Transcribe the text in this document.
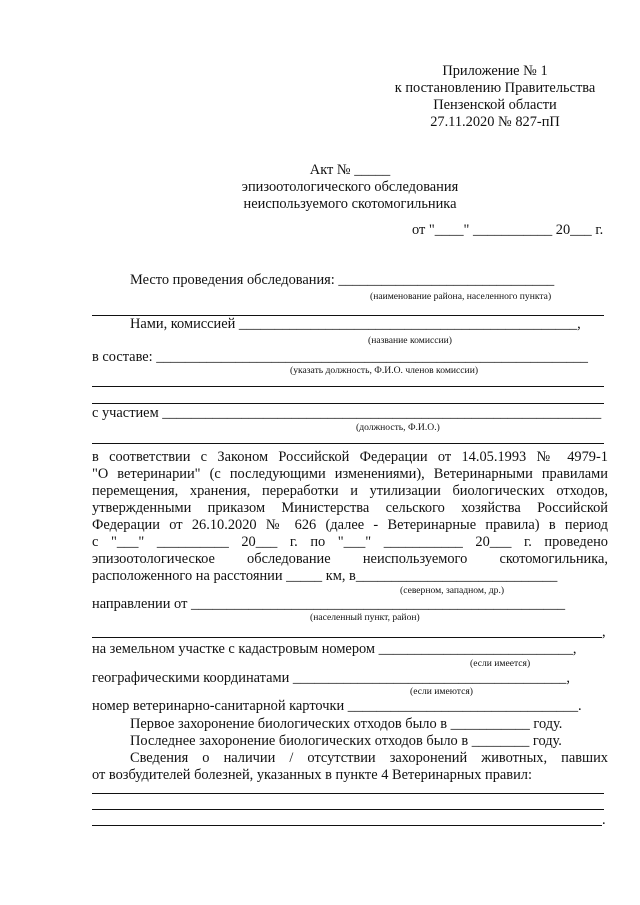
Приложение № 1
к постановлению Правительства
Пензенской области
27.11.2020 № 827-пП
Акт № _____
эпизоотологического обследования
неиспользуемого скотомогильника
от "____" ___________ 20___ г.
Место проведения обследования: ______________________________
(наименование района, населенного пункта)
Нами, комиссией _______________________________________________,
(название комиссии)
в составе: ____________________________________________________________
(указать должность, Ф.И.О. членов комиссии)
с участием _____________________________________________________________
(должность, Ф.И.О.)
в соответствии с Законом Российской Федерации от 14.05.1993 № 4979-1
"О ветеринарии" (с последующими изменениями), Ветеринарными правилами
перемещения, хранения, переработки и утилизации биологических отходов,
утвержденными приказом Министерства сельского хозяйства Российской
Федерации от 26.10.2020 № 626 (далее - Ветеринарные правила) в период
с "___" __________ 20___ г. по "___" ___________ 20___ г. проведено
эпизоотологическое обследование неиспользуемого скотомогильника,
расположенного на расстоянии _____ км, в____________________________
(северном, западном, др.)
направлении от ____________________________________________________
(населенный пункт, район)
,
на земельном участке с кадастровым номером ___________________________,
(если имеется)
географическими координатами ______________________________________,
(если имеются)
номер ветеринарно-санитарной карточки ________________________________.
Первое захоронение биологических отходов было в ___________ году.
Последнее захоронение биологических отходов было в ________ году.
Сведения о наличии / отсутствии захоронений животных, павших
от возбудителей болезней, указанных в пункте 4 Ветеринарных правил:
.
